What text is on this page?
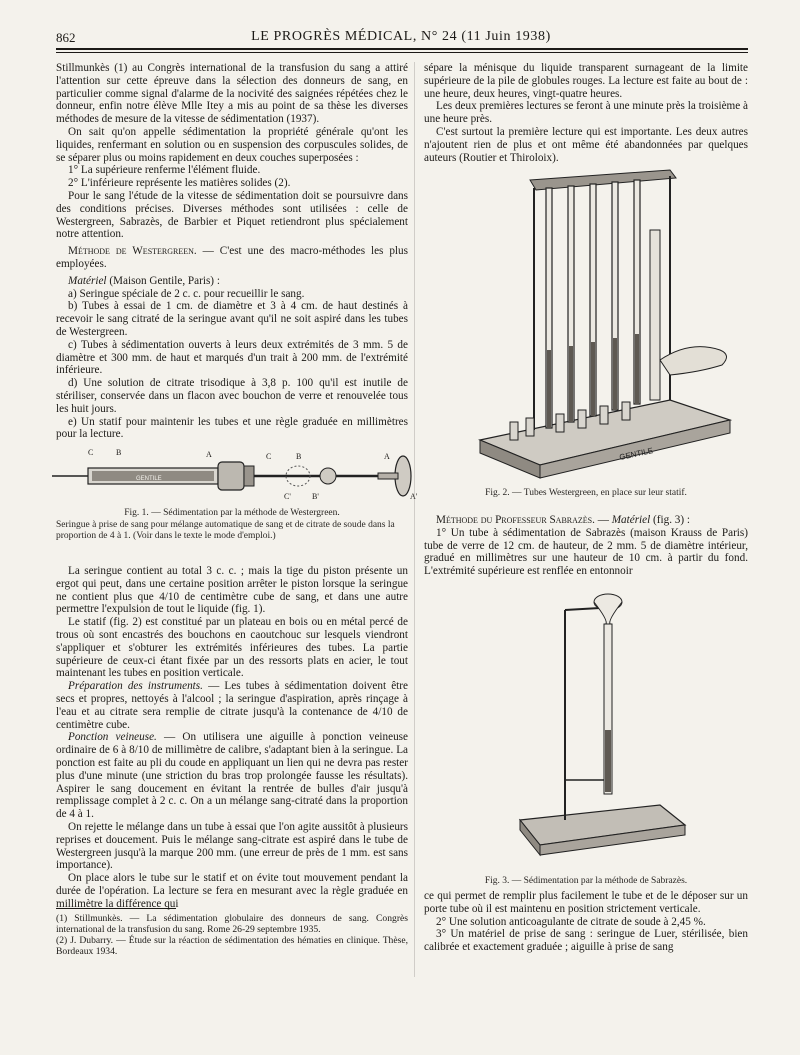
862	LE PROGRÈS MÉDICAL, N° 24 (11 Juin 1938)

Stillmunkès (1) au Congrès international de la transfusion du sang a attiré l'attention sur cette épreuve dans la sélection des donneurs de sang, en particulier comme signal d'alarme de la nocivité des saignées répétées chez le donneur, enfin notre élève Mlle Itey a mis au point de sa thèse les diverses méthodes de mesure de la vitesse de sédimentation (1937).

On sait qu'on appelle sédimentation la propriété générale qu'ont les liquides, renfermant en solution ou en suspension des corpuscules solides, de se séparer plus ou moins rapidement en deux couches superposées :

1° La supérieure renferme l'élément fluide.

2° L'inférieure représente les matières solides (2).

Pour le sang l'étude de la vitesse de sédimentation doit se poursuivre dans des conditions précises. Diverses méthodes sont utilisées : celle de Westergreen, Sabrazès, de Barbier et Piquet retiendront plus spécialement notre attention.

Méthode de Westergreen. — C'est une des macro-méthodes les plus employées.

Matériel (Maison Gentile, Paris) :

a) Seringue spéciale de 2 c. c. pour recueillir le sang.

b) Tubes à essai de 1 cm. de diamètre et 3 à 4 cm. de haut destinés à recevoir le sang citraté de la seringue avant qu'il ne soit aspiré dans les tubes de Westergreen.

c) Tubes à sédimentation ouverts à leurs deux extrémités de 3 mm. 5 de diamètre et 300 mm. de haut et marqués d'un trait à 200 mm. de l'extrémité inférieure.

d) Une solution de citrate trisodique à 3,8 p. 100 qu'il est inutile de stériliser, conservée dans un flacon avec bouchon de verre et renouvelée tous les huit jours.

e) Un statif pour maintenir les tubes et une règle graduée en millimètres pour la lecture.

GENTILE
C	B	A	C	B	A
C'	B'	A'
Fig. 1. — Sédimentation par la méthode de Westergreen.
Seringue à prise de sang pour mélange automatique de sang et de citrate de soude dans la proportion de 4 à 1. (Voir dans le texte le mode d'emploi.)

La seringue contient au total 3 c. c. ; mais la tige du piston présente un ergot qui peut, dans une certaine position arrêter le piston lorsque la seringue ne contient plus que 4/10 de centimètre cube de sang, et dans une autre permettre l'expulsion de tout le liquide (fig. 1).

Le statif (fig. 2) est constitué par un plateau en bois ou en métal percé de trous où sont encastrés des bouchons en caoutchouc sur lesquels viendront s'appliquer et s'obturer les extrémités inférieures des tubes. La partie supérieure de ceux-ci étant fixée par un des ressorts plats en acier, le tout maintenant les tubes en position verticale.

Préparation des instruments. — Les tubes à sédimentation doivent être secs et propres, nettoyés à l'alcool ; la seringue d'aspiration, après rinçage à l'eau et au citrate sera remplie de citrate jusqu'à la contenance de 4/10 de centimètre cube.

Ponction veineuse. — On utilisera une aiguille à ponction veineuse ordinaire de 6 à 8/10 de millimètre de calibre, s'adaptant bien à la seringue. La ponction est faite au pli du coude en appliquant un lien qui ne devra pas rester plus d'une minute (une striction du bras trop prolongée fausse les résultats). Aspirer le sang doucement en évitant la rentrée de bulles d'air jusqu'à remplissage complet à 2 c. c. On a un mélange sang-citraté dans la proportion de 4 à 1.

On rejette le mélange dans un tube à essai que l'on agite aussitôt à plusieurs reprises et doucement. Puis le mélange sang-citrate est aspiré dans le tube de Westergreen jusqu'à la marque 200 mm. (une erreur de près de 1 mm. est sans importance).

On place alors le tube sur le statif et on évite tout mouvement pendant la durée de l'opération. La lecture se fera en mesurant avec la règle graduée en millimètre la différence qui

(1) Stillmunkès. — La sédimentation globulaire des donneurs de sang. Congrès international de la transfusion du sang. Rome 26-29 septembre 1935.

(2) J. Dubarry. — Étude sur la réaction de sédimentation des hématies en clinique. Thèse, Bordeaux 1934.

sépare la ménisque du liquide transparent surnageant de la limite supérieure de la pile de globules rouges. La lecture est faite au bout de : une heure, deux heures, vingt-quatre heures.

Les deux premières lectures se feront à une minute près la troisième à une heure près.

C'est surtout la première lecture qui est importante. Les deux autres n'ajoutent rien de plus et ont même été abandonnées par quelques auteurs (Routier et Thiroloix).

GENTILE
Fig. 2. — Tubes Westergreen, en place sur leur statif.

Méthode du Professeur Sabrazès. — Matériel (fig. 3) :

1° Un tube à sédimentation de Sabrazès (maison Krauss de Paris) tube de verre de 12 cm. de hauteur, de 2 mm. 5 de diamètre intérieur, gradué en millimètres sur une hauteur de 10 cm. à partir du fond. L'extrémité supérieure est renflée en entonnoir

Fig. 3. — Sédimentation par la méthode de Sabrazès.

ce qui permet de remplir plus facilement le tube et de le déposer sur un porte tube où il est maintenu en position strictement verticale.

2° Une solution anticoagulante de citrate de soude à 2,45 %.

3° Un matériel de prise de sang : seringue de Luer, stérilisée, bien calibrée et exactement graduée ; aiguille à prise de sang
